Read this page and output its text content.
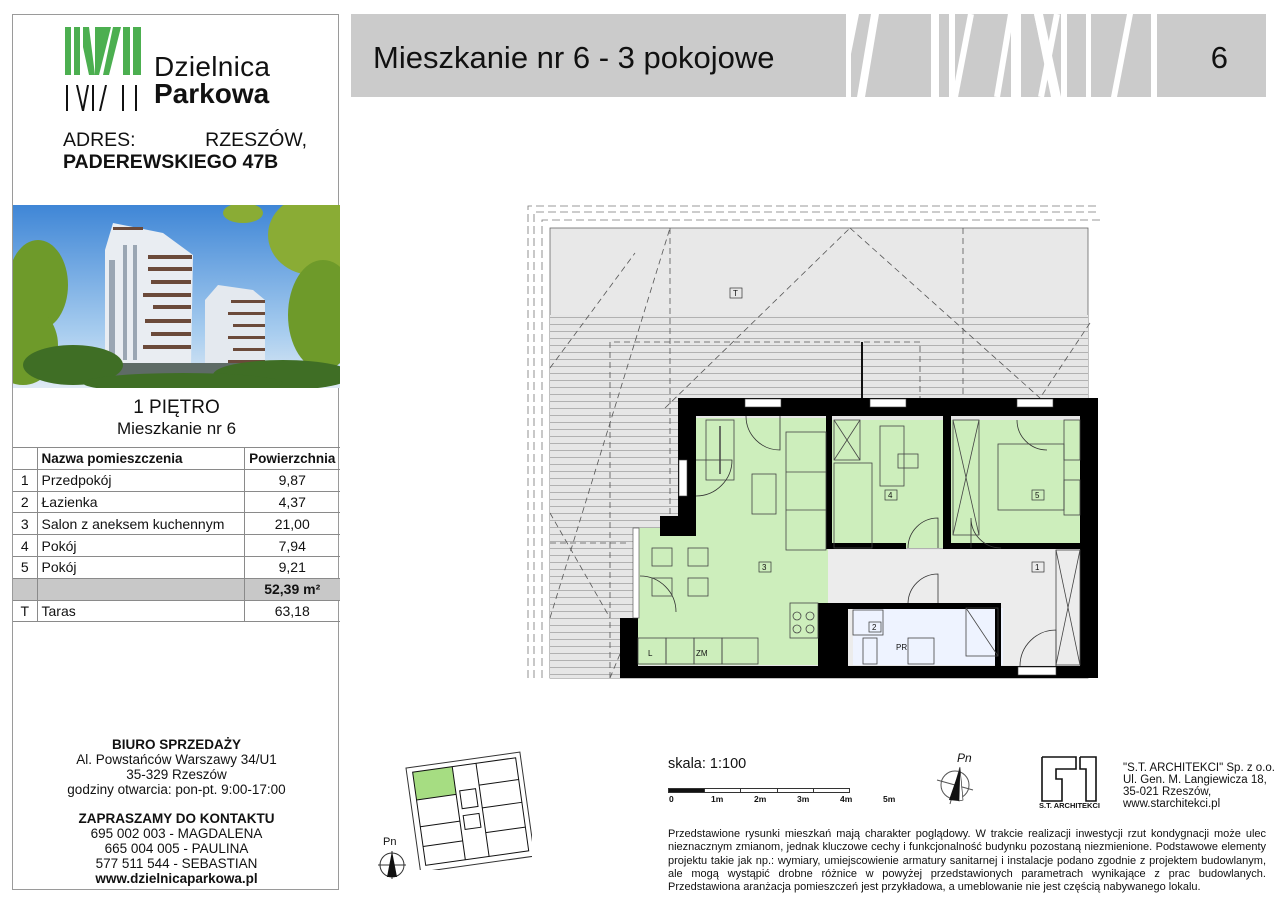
Dzielnica
Parkowa
ADRES:	RZESZÓW,
PADEREWSKIEGO 47B
1 PIĘTRO
Mieszkanie nr 6
	Nazwa pomieszczenia	Powierzchnia
1	Przedpokój	9,87
2	Łazienka	4,37
3	Salon z aneksem kuchennym	21,00
4	Pokój	7,94
5	Pokój	9,21
		52,39 m²
T	Taras	63,18
BIURO SPRZEDAŻY
Al. Powstańców Warszawy 34/U1
35-329 Rzeszów
godziny otwarcia: pon-pt. 9:00-17:00
ZAPRASZAMY DO KONTAKTU
695 002 003 - MAGDALENA
665 004 005 - PAULINA
577 511 544 - SEBASTIAN
www.dzielnicaparkowa.pl
Mieszkanie nr 6 - 3 pokojowe	6
T
3
4	5
1
2
L	ZM
PR
Pn
skala: 1:100
0	1m	2m	3m	4m	5m
Pn
S.T. ARCHITEKCI
"S.T. ARCHITEKCI" Sp. z o.o.
Ul. Gen. M. Langiewicza 18,
35-021 Rzeszów,
www.starchitekci.pl

Przedstawione rysunki mieszkań mają charakter poglądowy. W trakcie realizacji inwestycji rzut kondygnacji może ulec nieznacznym zmianom, jednak kluczowe cechy i funkcjonalność budynku pozostaną niezmienione. Podstawowe elementy projektu takie jak np.: wymiary, umiejscowienie armatury sanitarnej i instalacje podano zgodnie z projektem budowlanym, ale mogą wystąpić drobne różnice w powyżej przedstawionych parametrach wynikające z prac budowlanych. Przedstawiona aranżacja pomieszczeń jest przykładowa, a umeblowanie nie jest częścią nabywanego lokalu.
